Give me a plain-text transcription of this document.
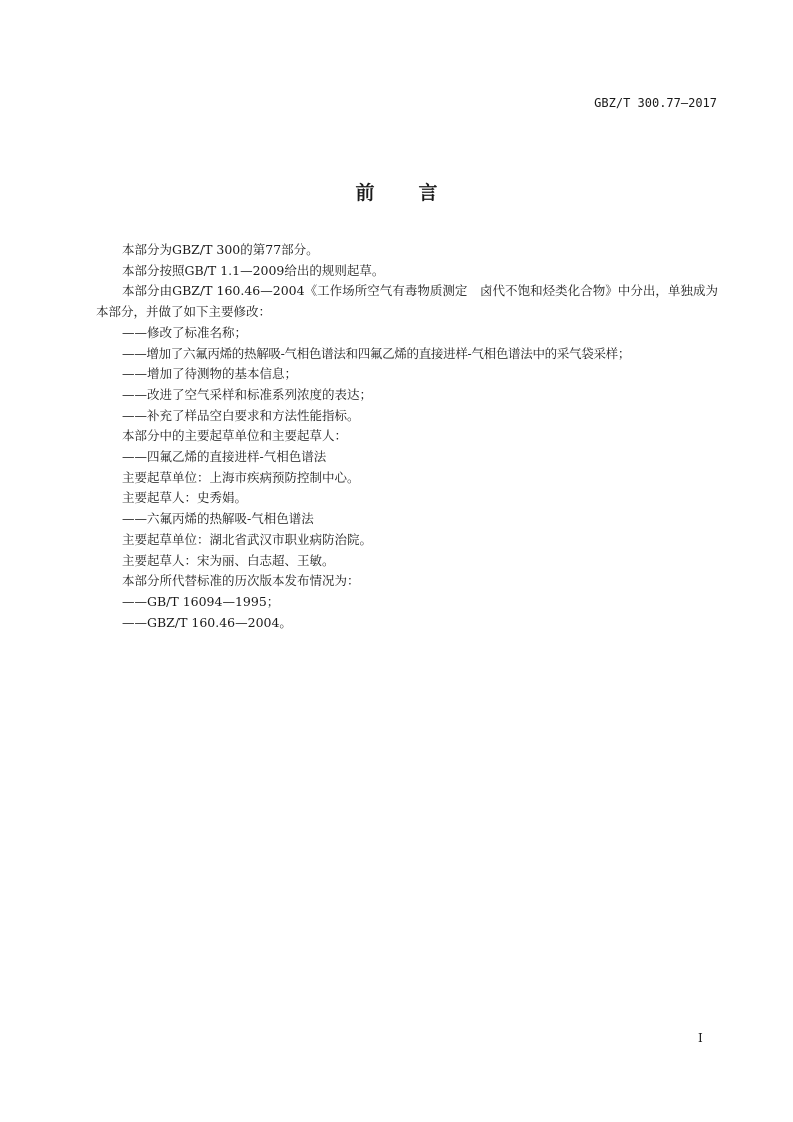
GBZ/T 300.77—2017
前言

本部分为GBZ/T 300的第77部分。

本部分按照GB/T 1.1—2009给出的规则起草。

本部分由GBZ/T 160.46—2004《工作场所空气有毒物质测定　卤代不饱和烃类化合物》中分出，单独成为本部分，并做了如下主要修改：

——修改了标准名称；

——增加了六氟丙烯的热解吸-气相色谱法和四氟乙烯的直接进样-气相色谱法中的采气袋采样；

——增加了待测物的基本信息；

——改进了空气采样和标准系列浓度的表达；

——补充了样品空白要求和方法性能指标。

本部分中的主要起草单位和主要起草人：

——四氟乙烯的直接进样-气相色谱法

主要起草单位：上海市疾病预防控制中心。

主要起草人：史秀娟。

——六氟丙烯的热解吸-气相色谱法

主要起草单位：湖北省武汉市职业病防治院。

主要起草人：宋为丽、白志超、王敏。

本部分所代替标准的历次版本发布情况为：

——GB/T 16094—1995；

——GBZ/T 160.46—2004。

I
